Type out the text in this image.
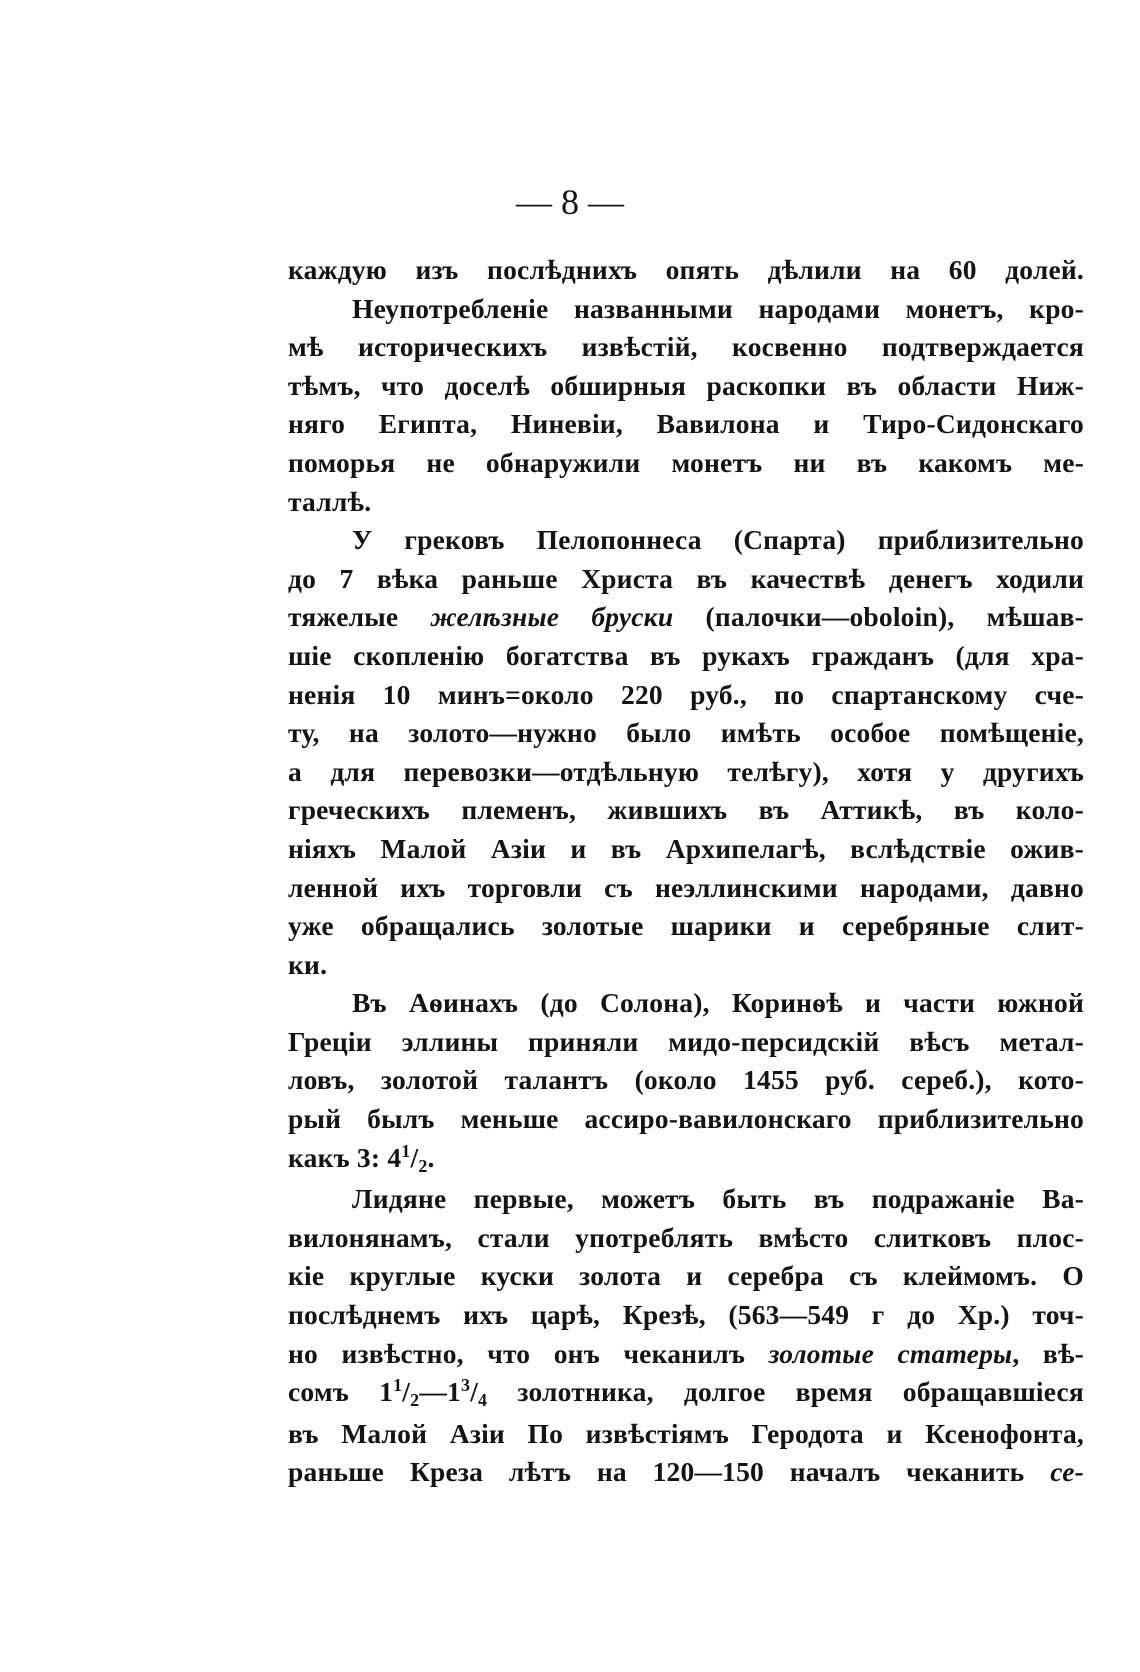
— 8 —
каждую изъ послѣднихъ опять дѣлили на 60 долей.
Неупотребленіе названными народами монетъ, кро-
мѣ историческихъ извѣстій, косвенно подтверждается
тѣмъ, что доселѣ обширныя раскопки въ области Ниж-
няго Египта, Ниневіи, Вавилона и Тиро-Сидонскаго
поморья не обнаружили монетъ ни въ какомъ ме-
таллѣ.
У грековъ Пелопоннеса (Спарта) приблизительно
до 7 вѣка раньше Христа въ качествѣ денегъ ходили
тяжелые желѣзные бруски (палочки—oboloin), мѣшав-
шіе скопленію богатства въ рукахъ гражданъ (для хра-
ненія 10 минъ=около 220 руб., по спартанскому сче-
ту, на золото—нужно было имѣть особое помѣщеніе,
а для перевозки—отдѣльную телѣгу), хотя у другихъ
греческихъ племенъ, жившихъ въ Аттикѣ, въ коло-
ніяхъ Малой Азіи и въ Архипелагѣ, вслѣдствіе ожив-
ленной ихъ торговли съ неэллинскими народами, давно
уже обращались золотые шарики и серебряные слит-
ки.
Въ Аѳинахъ (до Солона), Коринѳѣ и части южной
Греціи эллины приняли мидо-персидскій вѣсъ метал-
ловъ, золотой талантъ (около 1455 руб. сереб.), кото-
рый былъ меньше ассиро-вавилонскаго приблизительно
какъ 3: $4^1/2$.
Лидяне первые, можетъ быть въ подражаніе Ва-
вилонянамъ, стали употреблять вмѣсто слитковъ плос-
кіе круглые куски золота и серебра съ клеймомъ. О
послѣднемъ ихъ царѣ, Крезѣ, (563—549 г до Хр.) точ-
но извѣстно, что онъ чеканилъ золотые статеры, вѣ-
сомъ $1^1/2—1^3/4$ золотника, долгое время обращавшіеся
въ Малой Азіи По извѣстіямъ Геродота и Ксенофонта,
раньше Креза лѣтъ на 120—150 началъ чеканить се-
